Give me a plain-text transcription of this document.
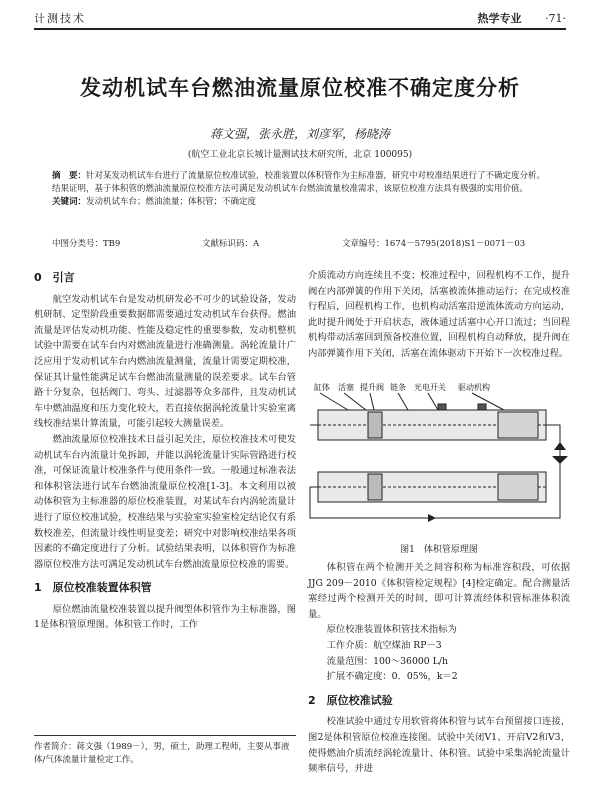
计测技术	热学专业 ·71·
发动机试车台燃油流量原位校准不确定度分析
蒋文强，张永胜，刘彦军，杨晓涛
(航空工业北京长城计量测试技术研究所，北京 100095)
摘　要：针对某发动机试车台进行了流量原位校准试验，校准装置以体积管作为主标准器，研究中对校准结果进行了不确定度分析。结果证明，基于体积管的燃油流量原位校准方法可满足发动机试车台燃油流量校准需求，该原位校准方法具有极强的实用价值。
关键词：发动机试车台；燃油流量；体积管；不确定度
中图分类号：TB9	文献标识码：A	文章编号：1674－5795(2018)S1－0071－03
0　引言

航空发动机试车台是发动机研发必不可少的试验设备，发动机研制、定型阶段重要数据都需要通过发动机试车台获得。燃油流量是评估发动机功能、性能及稳定性的重要参数，发动机整机试验中需要在试车台内对燃油流量进行准确测量。涡轮流量计广泛应用于发动机试车台内燃油流量测量，流量计需要定期校准，保证其计量性能满足试车台燃油流量测量的误差要求。试车台管路十分复杂，包括阀门、弯头、过滤器等众多部件，且发动机试车中燃油温度和压力变化较大，若直接依据涡轮流量计实验室离线校准结果计算流量，可能引起较大测量误差。

燃油流量原位校准技术日益引起关注，原位校准技术可使发动机试车台内流量计免拆卸，并能以涡轮流量计实际管路进行校准，可保证流量计校准条件与使用条件一致。一般通过标准表法和体积管法进行试车台燃油流量原位校准[1-3]。本文利用以被动体积管为主标准器的原位校准装置，对某试车台内涡轮流量计进行了原位校准试验，校准结果与实验室实验室检定结论仅有系数校准差，但流量计线性明显变差；研究中对影响校准结果各项因素的不确定度进行了分析。试验结果表明，以体积管作为标准器原位校准方法可满足发动机试车台燃油流量原位校准的需要。

1　原位校准装置体积管

原位燃油流量校准装置以提升阀型体积管作为主标准器，图1是体积管原理图。体积管工作时，工作

作者简介：蒋文强（1989－），男，硕士，助理工程师，主要从事液体/气体流量计量检定工作。

介质流动方向连续且不变；校准过程中，回程机构不工作，提升阀在内部弹簧的作用下关闭，活塞被流体推动运行；在完成校准行程后，回程机构工作，也机构动活塞沿逆流体流动方向运动，此时提升阀处于开启状态，液体通过活塞中心开口流过；当回程机构带动活塞回到预备校准位置，回程机构自动释放，提升阀在内部弹簧作用下关闭，活塞在流体驱动下开始下一次校准过程。

缸体 活塞 提升阀 链条 光电开关 驱动机构
图1　体积管原理图

体积管在两个检测开关之间容积称为标准容积段，可依据JJG 209－2010《体积管检定规程》[4]检定确定。配合测量活塞经过两个检测开关的时间，即可计算流经体积管标准体积流量。

原位校准装置体积管技术指标为

工作介质：航空煤油 RP－3

流量范围：100～36000 L/h

扩展不确定度：0．05%，k＝2

2　原位校准试验

校准试验中通过专用软管将体积管与试车台预留接口连接，图2是体积管原位校准连接图。试验中关闭V1、开启V2和V3，使得燃油介质流经涡轮流量计、体积管。试验中采集涡轮流量计频率信号，并进
